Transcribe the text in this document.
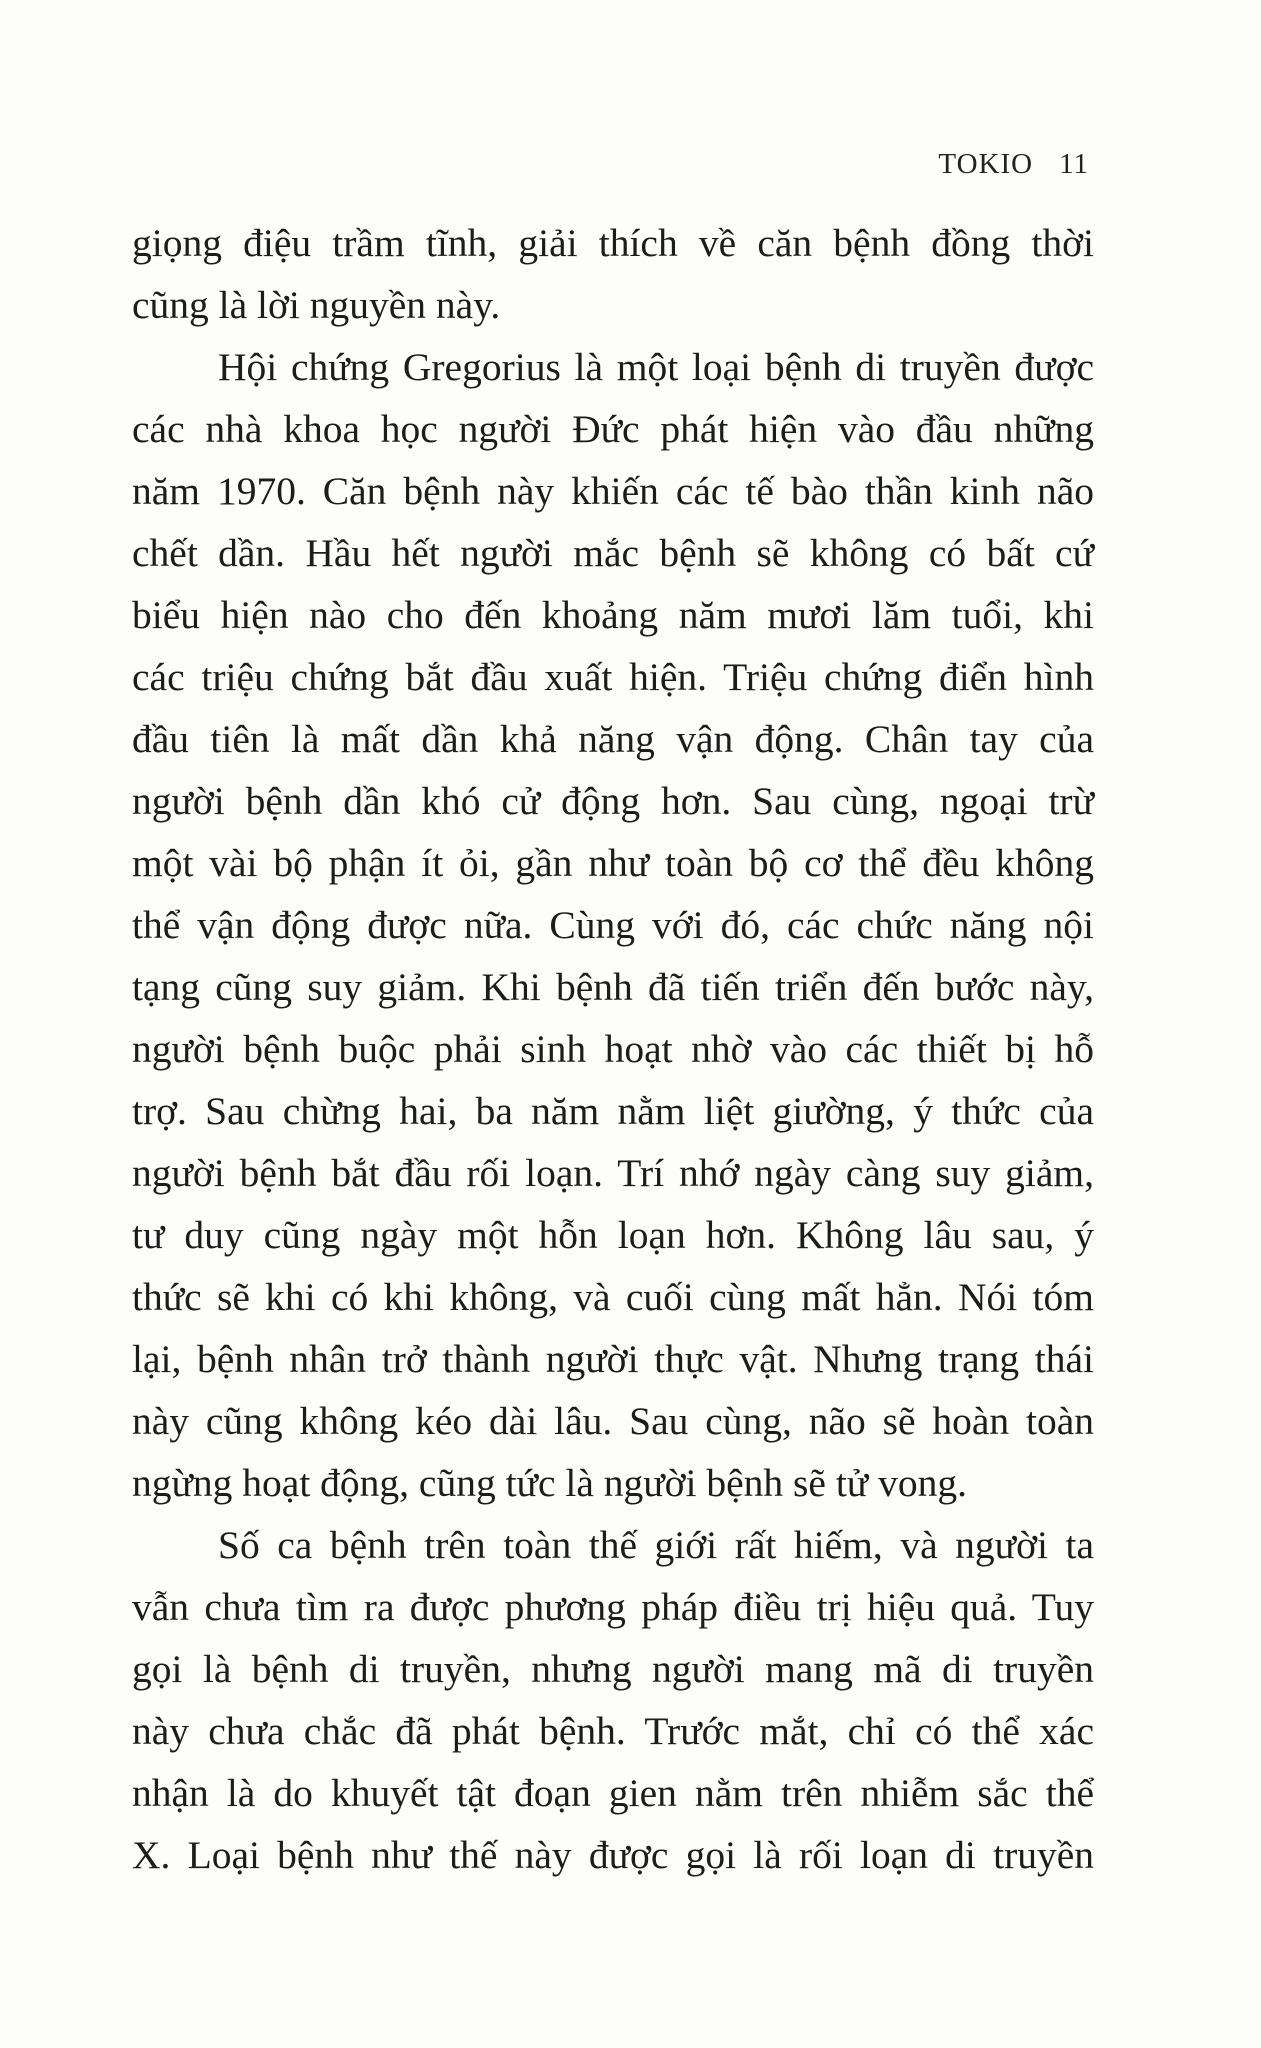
TOKIO 11
giọng điệu trầm tĩnh, giải thích về căn bệnh đồng thời
cũng là lời nguyền này.
Hội chứng Gregorius là một loại bệnh di truyền được
các nhà khoa học người Đức phát hiện vào đầu những
năm 1970. Căn bệnh này khiến các tế bào thần kinh não
chết dần. Hầu hết người mắc bệnh sẽ không có bất cứ
biểu hiện nào cho đến khoảng năm mươi lăm tuổi, khi
các triệu chứng bắt đầu xuất hiện. Triệu chứng điển hình
đầu tiên là mất dần khả năng vận động. Chân tay của
người bệnh dần khó cử động hơn. Sau cùng, ngoại trừ
một vài bộ phận ít ỏi, gần như toàn bộ cơ thể đều không
thể vận động được nữa. Cùng với đó, các chức năng nội
tạng cũng suy giảm. Khi bệnh đã tiến triển đến bước này,
người bệnh buộc phải sinh hoạt nhờ vào các thiết bị hỗ
trợ. Sau chừng hai, ba năm nằm liệt giường, ý thức của
người bệnh bắt đầu rối loạn. Trí nhớ ngày càng suy giảm,
tư duy cũng ngày một hỗn loạn hơn. Không lâu sau, ý
thức sẽ khi có khi không, và cuối cùng mất hẳn. Nói tóm
lại, bệnh nhân trở thành người thực vật. Nhưng trạng thái
này cũng không kéo dài lâu. Sau cùng, não sẽ hoàn toàn
ngừng hoạt động, cũng tức là người bệnh sẽ tử vong.
Số ca bệnh trên toàn thế giới rất hiếm, và người ta
vẫn chưa tìm ra được phương pháp điều trị hiệu quả. Tuy
gọi là bệnh di truyền, nhưng người mang mã di truyền
này chưa chắc đã phát bệnh. Trước mắt, chỉ có thể xác
nhận là do khuyết tật đoạn gien nằm trên nhiễm sắc thể
X. Loại bệnh như thế này được gọi là rối loạn di truyền
